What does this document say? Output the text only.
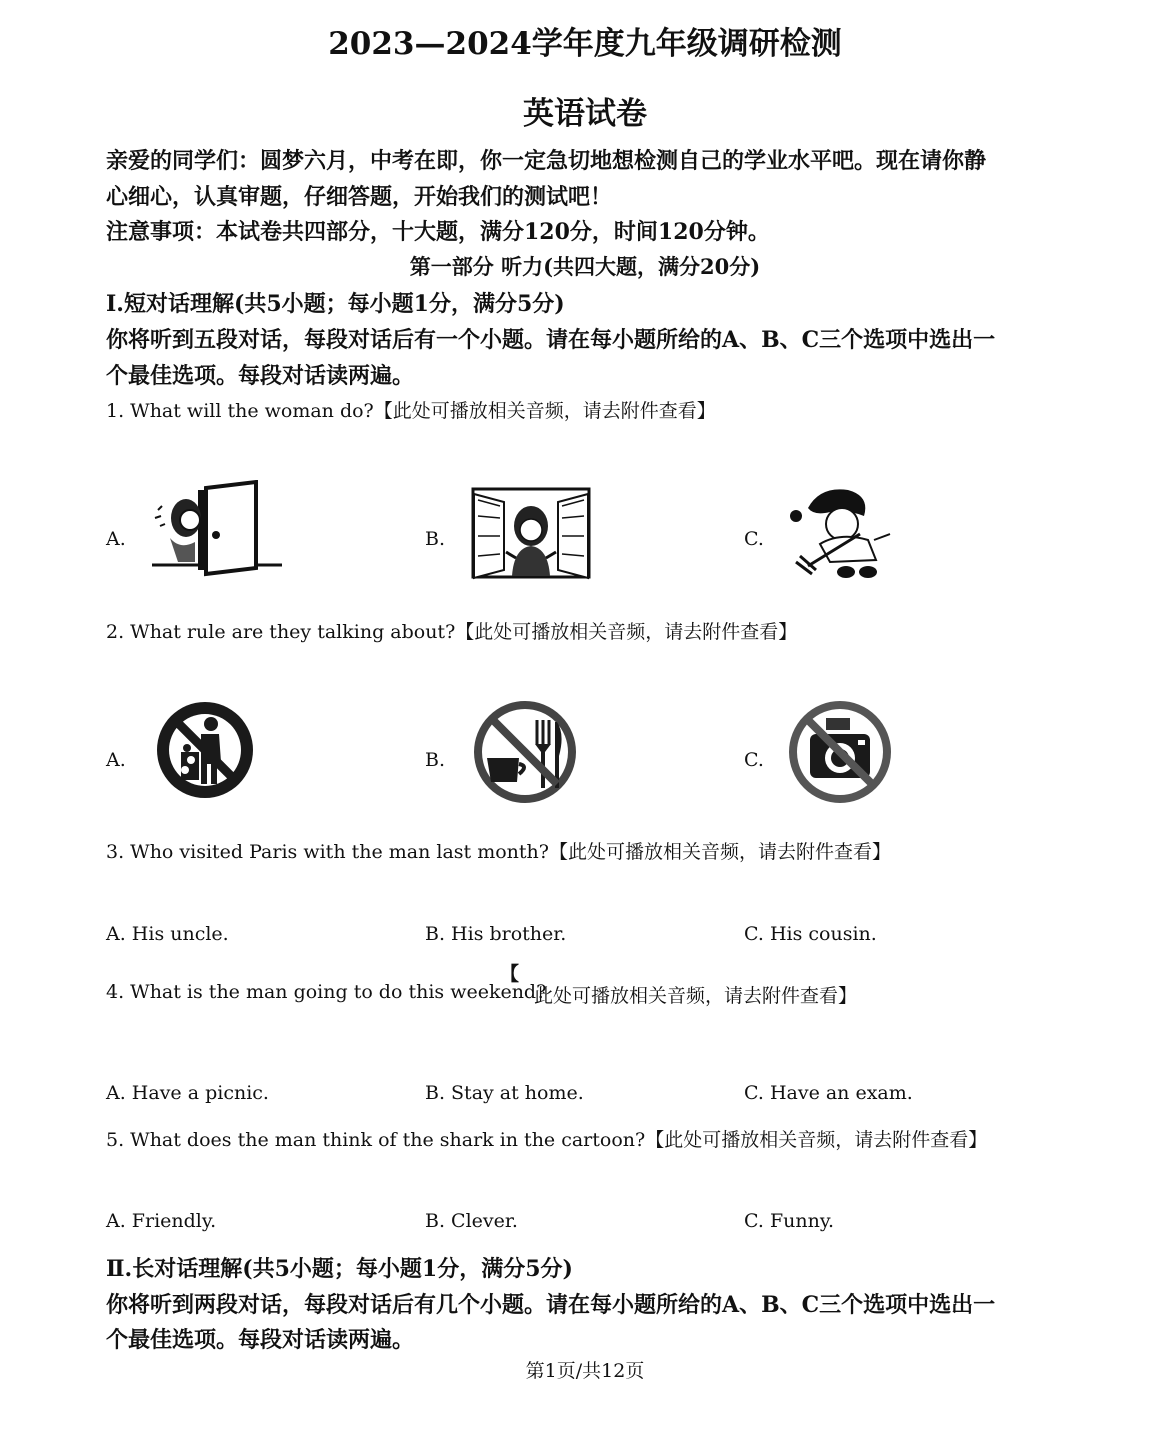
2023—2024学年度九年级调研检测
英语试卷
亲爱的同学们：圆梦六月，中考在即，你一定急切地想检测自己的学业水平吧。现在请你静
心细心，认真审题，仔细答题，开始我们的测试吧！
注意事项：本试卷共四部分，十大题，满分120分，时间120分钟。
第一部分 听力(共四大题，满分20分)
Ⅰ.短对话理解(共5小题；每小题1分，满分5分)
你将听到五段对话，每段对话后有一个小题。请在每小题所给的A、B、C三个选项中选出一
个最佳选项。每段对话读两遍。
1. What will the woman do?【此处可播放相关音频，请去附件查看】
A.	B.	C.
2. What rule are they talking about?【此处可播放相关音频，请去附件查看】
A.	B.	C.
3. Who visited Paris with the man last month?【此处可播放相关音频，请去附件查看】
A. His uncle.	B. His brother.	C. His cousin.
4. What is the man going to do this weekend?
【
此处可播放相关音频，请去附件查看】
A. Have a picnic.	B. Stay at home.	C. Have an exam.
5. What does the man think of the shark in the cartoon?【此处可播放相关音频，请去附件查看】
A. Friendly.	B. Clever.	C. Funny.
Ⅱ.长对话理解(共5小题；每小题1分，满分5分)
你将听到两段对话，每段对话后有几个小题。请在每小题所给的A、B、C三个选项中选出一
个最佳选项。每段对话读两遍。
第1页/共12页
